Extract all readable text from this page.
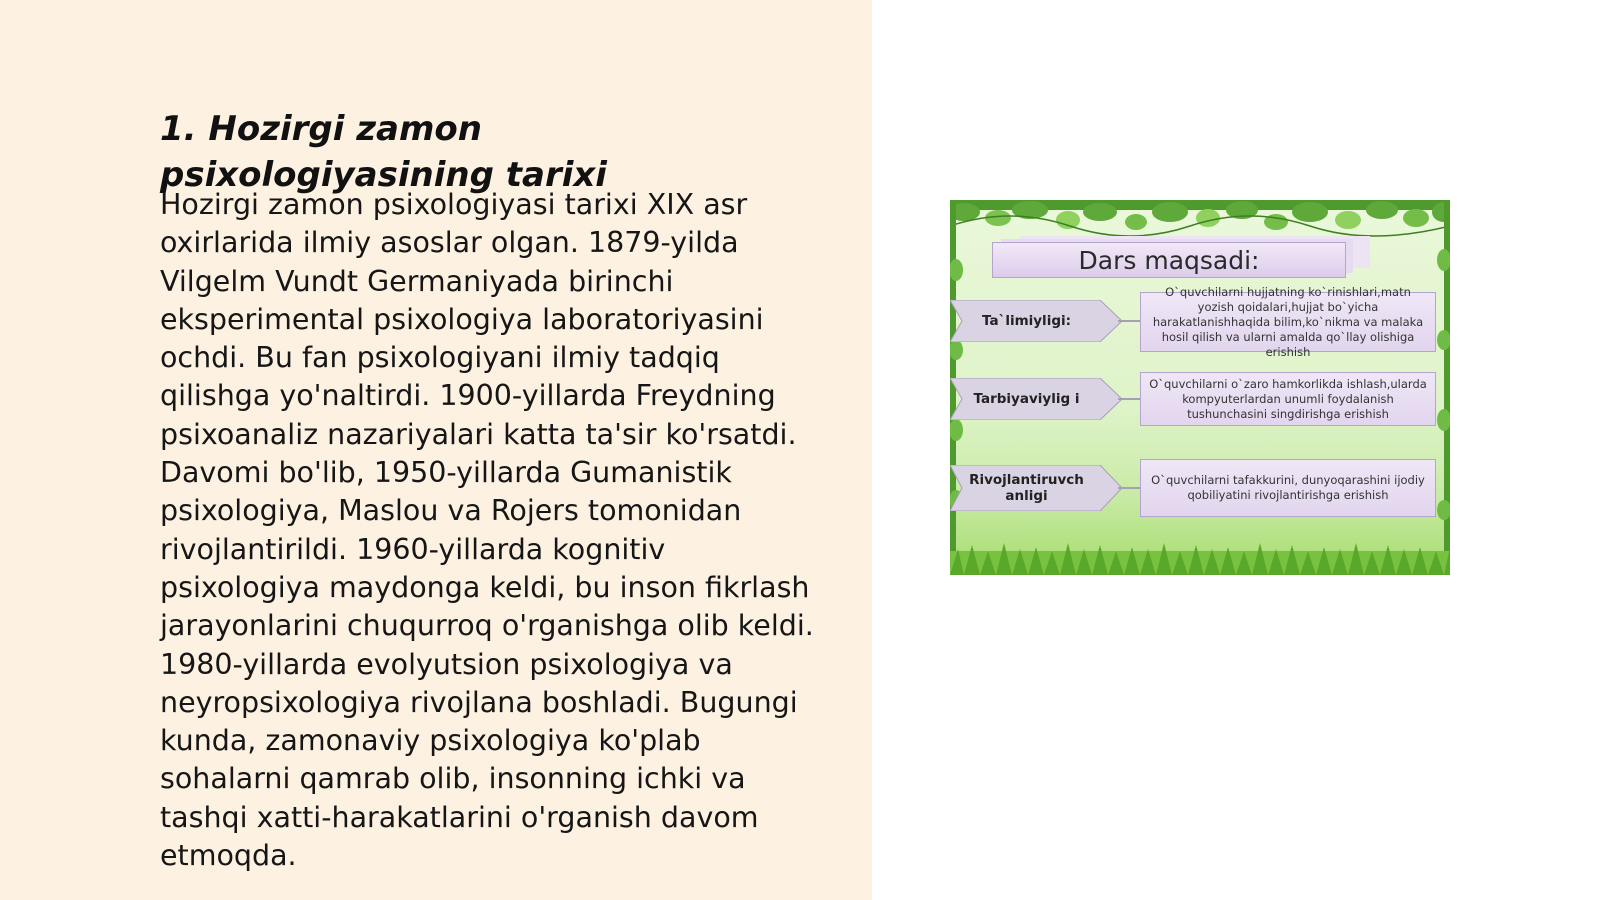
1. Hozirgi zamon psixologiyasining tarixi

Hozirgi zamon psixologiyasi tarixi XIX asr oxirlarida ilmiy asoslar olgan. 1879-yilda Vilgelm Vundt Germaniyada birinchi eksperimental psixologiya laboratoriyasini ochdi. Bu fan psixologiyani ilmiy tadqiq qilishga yo'naltirdi. 1900-yillarda Freydning psixoanaliz nazariyalari katta ta'sir ko'rsatdi. Davomi bo'lib, 1950-yillarda Gumanistik psixologiya, Maslou va Rojers tomonidan rivojlantirildi. 1960-yillarda kognitiv psixologiya maydonga keldi, bu inson fikrlash jarayonlarini chuqurroq o'rganishga olib keldi. 1980-yillarda evolyutsion psixologiya va neyropsixologiya rivojlana boshladi. Bugungi kunda, zamonaviy psixologiya ko'plab sohalarni qamrab olib, insonning ichki va tashqi xatti-harakatlarini o'rganish davom etmoqda.

Dars maqsadi:
Ta`limiyligi:
O`quvchilarni hujjatning ko`rinishlari,matn yozish qoidalari,hujjat bo`yicha harakatlanishhaqida bilim,ko`nikma va malaka hosil qilish va ularni amalda qo`llay olishiga erishish
Tarbiyaviylig i
O`quvchilarni o`zaro hamkorlikda ishlash,ularda kompyuterlardan unumli foydalanish tushunchasini singdirishga erishish
Rivojlantiruvch anligi
O`quvchilarni tafakkurini, dunyoqarashini ijodiy qobiliyatini rivojlantirishga erishish
